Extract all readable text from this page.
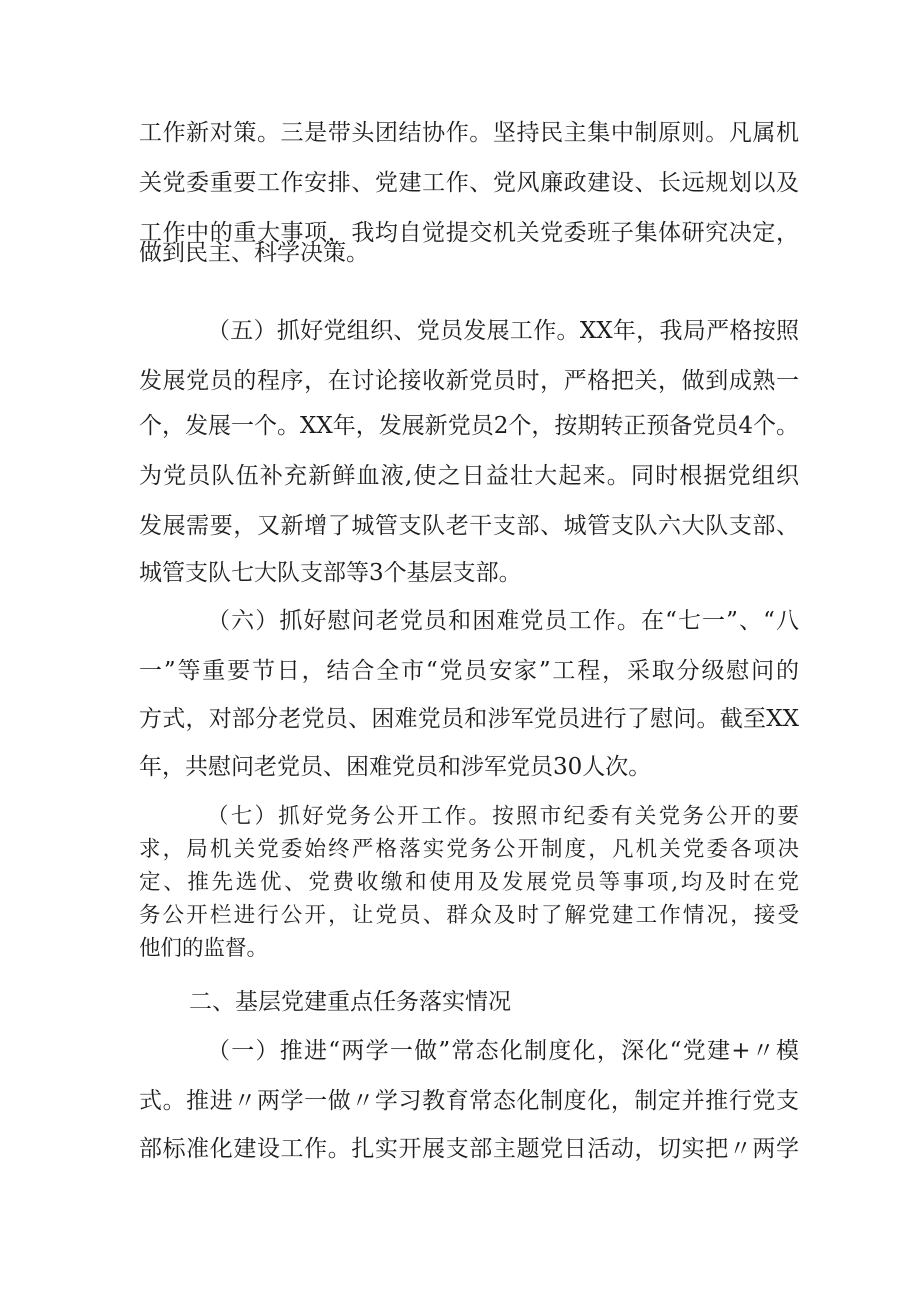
工作新对策。三是带头团结协作。坚持民主集中制原则。凡属机
关党委重要工作安排、党建工作、党风廉政建设、长远规划以及
工作中的重大事项，我均自觉提交机关党委班子集体研究决定，
做到民主、科学决策。
（五）抓好党组织、党员发展工作。XX年，我局严格按照
发展党员的程序，在讨论接收新党员时，严格把关，做到成熟一
个，发展一个。XX年，发展新党员2个，按期转正预备党员4个。
为党员队伍补充新鲜血液,使之日益壮大起来。同时根据党组织
发展需要，又新增了城管支队老干支部、城管支队六大队支部、
城管支队七大队支部等3个基层支部。
（六）抓好慰问老党员和困难党员工作。在“七一”、“八
一”等重要节日，结合全市“党员安家”工程，采取分级慰问的
方式，对部分老党员、困难党员和涉军党员进行了慰问。截至XX
年，共慰问老党员、困难党员和涉军党员30人次。
（七）抓好党务公开工作。按照市纪委有关党务公开的要
求，局机关党委始终严格落实党务公开制度，凡机关党委各项决
定、推先选优、党费收缴和使用及发展党员等事项,均及时在党
务公开栏进行公开，让党员、群众及时了解党建工作情况，接受
他们的监督。
二、基层党建重点任务落实情况
（一）推进“两学一做”常态化制度化，深化“党建+〃模
式。推进〃两学一做〃学习教育常态化制度化，制定并推行党支
部标准化建设工作。扎实开展支部主题党日活动，切实把〃两学
